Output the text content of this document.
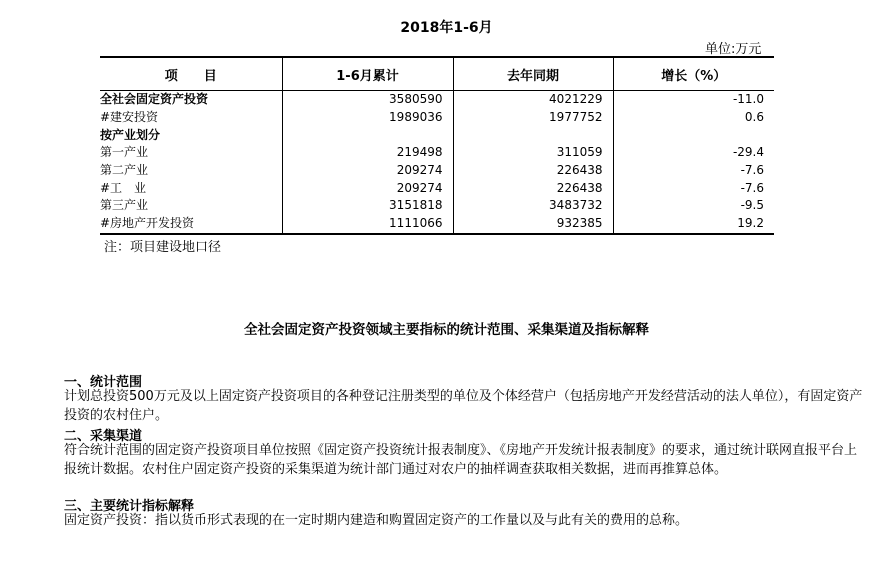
2018年1-6月
单位:万元
项　　目	1-6月累计	去年同期	增长（%）
全社会固定资产投资	3580590	4021229	-11.0
#建安投资	1989036	1977752	0.6
按产业划分			
第一产业	219498	311059	-29.4
第二产业	209274	226438	-7.6
#工　业	209274	226438	-7.6
第三产业	3151818	3483732	-9.5
#房地产开发投资	1111066	932385	19.2
注：项目建设地口径
全社会固定资产投资领域主要指标的统计范围、采集渠道及指标解释
一、统计范围
计划总投资500万元及以上固定资产投资项目的各种登记注册类型的单位及个体经营户（包括房地产开发经营活动的法人单位），有固定资产投资的农村住户。
二、采集渠道
符合统计范围的固定资产投资项目单位按照《固定资产投资统计报表制度》、《房地产开发统计报表制度》的要求，通过统计联网直报平台上报统计数据。农村住户固定资产投资的采集渠道为统计部门通过对农户的抽样调查获取相关数据，进而再推算总体。
三、主要统计指标解释
固定资产投资：指以货币形式表现的在一定时期内建造和购置固定资产的工作量以及与此有关的费用的总称。
